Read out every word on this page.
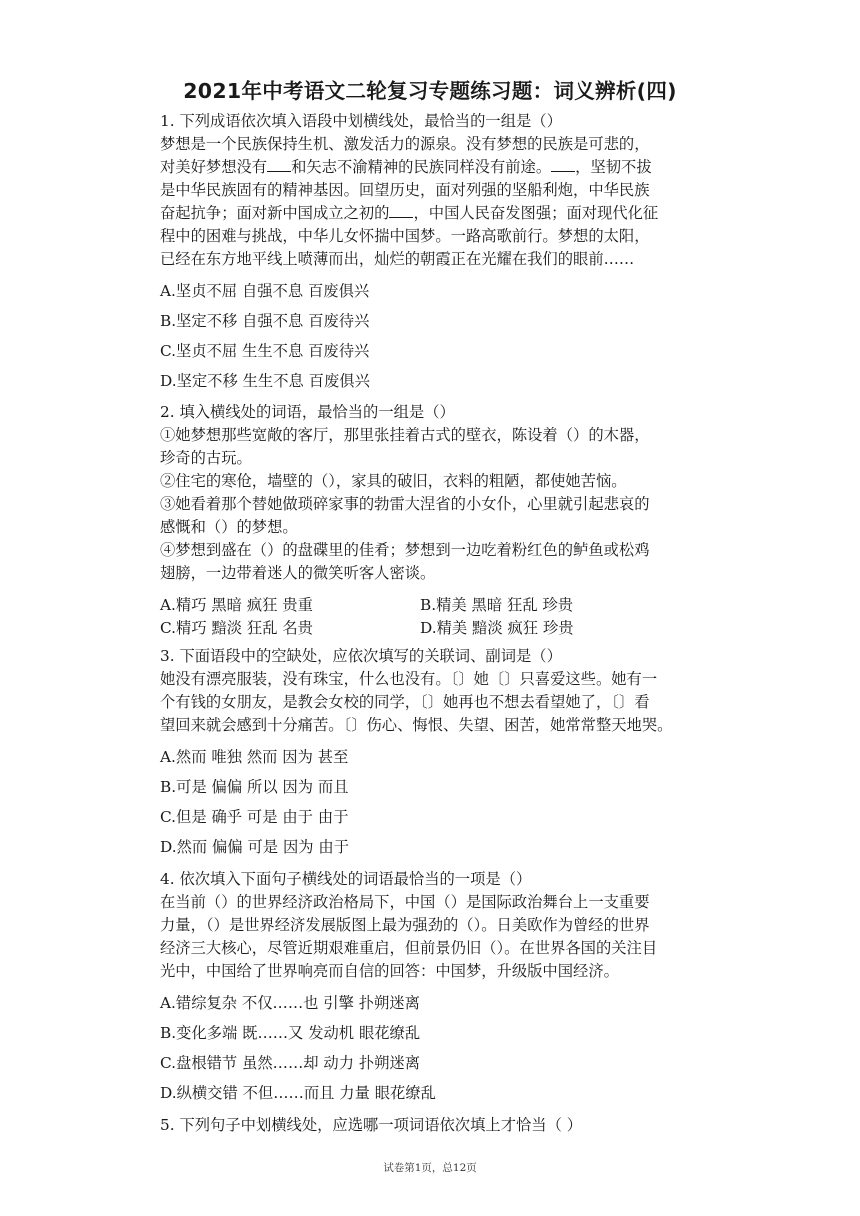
2021年中考语文二轮复习专题练习题：词义辨析(四)
1. 下列成语依次填入语段中划横线处，最恰当的一组是（）
梦想是一个民族保持生机、激发活力的源泉。没有梦想的民族是可悲的，
对美好梦想没有 和矢志不渝精神的民族同样没有前途。 ，坚韧不拔
是中华民族固有的精神基因。回望历史，面对列强的坚船利炮，中华民族
奋起抗争；面对新中国成立之初的 ，中国人民奋发图强；面对现代化征
程中的困难与挑战，中华儿女怀揣中国梦。一路高歌前行。梦想的太阳，
已经在东方地平线上喷薄而出，灿烂的朝霞正在光耀在我们的眼前……
A.坚贞不屈 自强不息 百废俱兴
B.坚定不移 自强不息 百废待兴
C.坚贞不屈 生生不息 百废待兴
D.坚定不移 生生不息 百废俱兴
2. 填入横线处的词语，最恰当的一组是（）
①她梦想那些宽敞的客厅，那里张挂着古式的壁衣，陈设着（）的木器，
珍奇的古玩。
②住宅的寒伧，墙壁的（），家具的破旧，衣料的粗陋，都使她苦恼。
③她看着那个替她做琐碎家事的勃雷大涅省的小女仆，心里就引起悲哀的
感慨和（）的梦想。
④梦想到盛在（）的盘碟里的佳肴；梦想到一边吃着粉红色的鲈鱼或松鸡
翅膀，一边带着迷人的微笑听客人密谈。
A.精巧 黑暗 疯狂 贵重	B.精美 黑暗 狂乱 珍贵
C.精巧 黯淡 狂乱 名贵	D.精美 黯淡 疯狂 珍贵
3. 下面语段中的空缺处，应依次填写的关联词、副词是（）
她没有漂亮服装，没有珠宝，什么也没有。〔〕她〔〕只喜爱这些。她有一
个有钱的女朋友，是教会女校的同学，〔〕她再也不想去看望她了，〔〕看
望回来就会感到十分痛苦。〔〕伤心、悔恨、失望、困苦，她常常整天地哭。
A.然而 唯独 然而 因为 甚至
B.可是 偏偏 所以 因为 而且
C.但是 确乎 可是 由于 由于
D.然而 偏偏 可是 因为 由于
4. 依次填入下面句子横线处的词语最恰当的一项是（）
在当前（）的世界经济政治格局下，中国（）是国际政治舞台上一支重要
力量，（）是世界经济发展版图上最为强劲的（）。日美欧作为曾经的世界
经济三大核心，尽管近期艰难重启，但前景仍旧（）。在世界各国的关注目
光中，中国给了世界响亮而自信的回答：中国梦，升级版中国经济。
A.错综复杂 不仅……也 引擎 扑朔迷离
B.变化多端 既……又 发动机 眼花缭乱
C.盘根错节 虽然……却 动力 扑朔迷离
D.纵横交错 不但……而且 力量 眼花缭乱
5. 下列句子中划横线处，应选哪一项词语依次填上才恰当（ ）
试卷第1页，总12页
